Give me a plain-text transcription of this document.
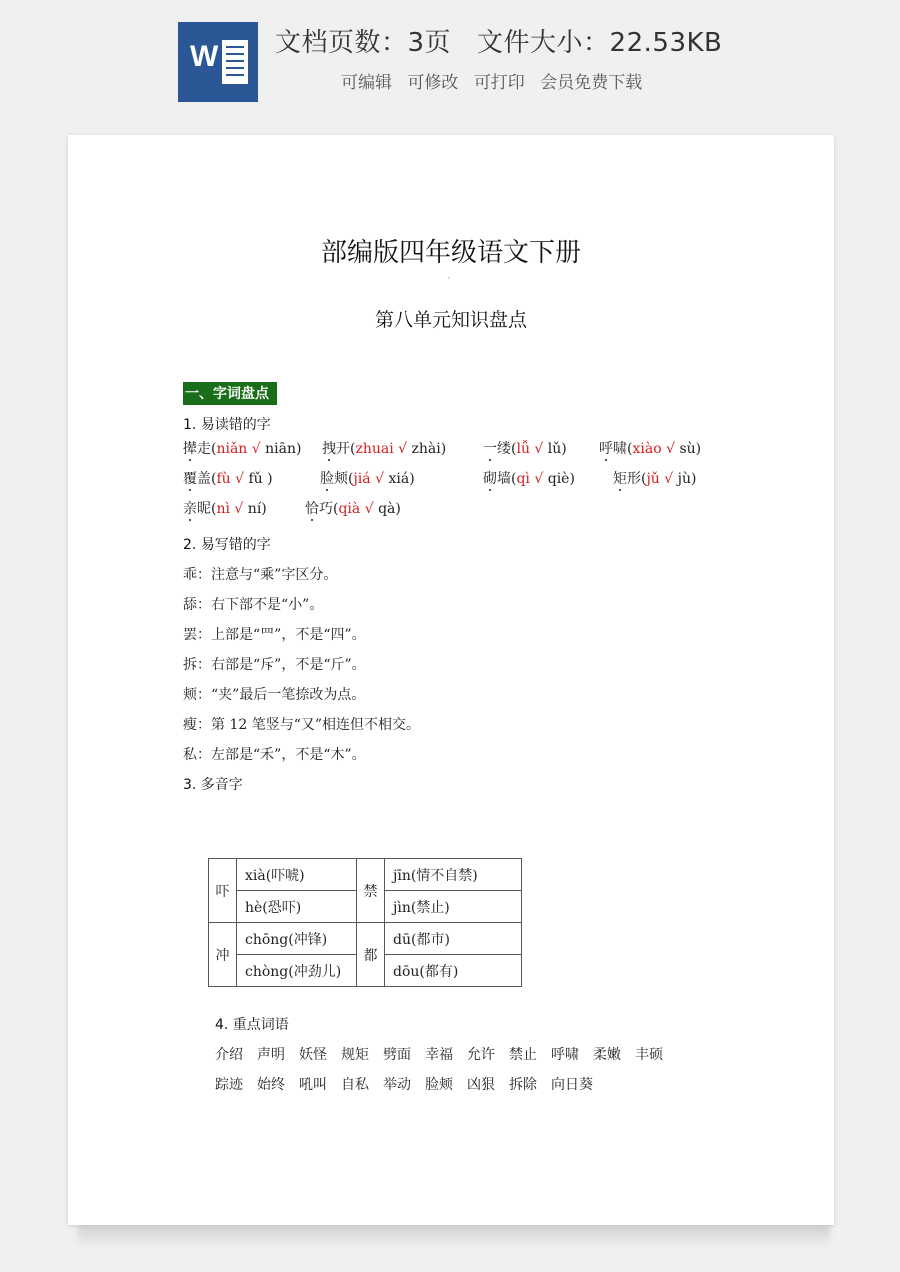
W 文档页数：3页 文件大小：22.53KB
可编辑 可修改 可打印 会员免费下载
部编版四年级语文下册
′
第八单元知识盘点
一、字词盘点
1. 易读错的字
撵走(niǎn √ niān) 拽开(zhuai √ zhài)	一缕(lǚ √ lǔ) 呼啸(xiào √ sù)
覆盖(fù √ fǔ )	脸颊(jiá √ xiá)	砌墙(qì √ qiè)	矩形(jǔ √ jù)
亲昵(nì √ ní)	恰巧(qià √ qà)
2. 易写错的字
乖：注意与“乘”字区分。
舔：右下部不是“小”。
罢：上部是“罒”，不是“四”。
拆：右部是“斥”，不是“斤”。
颊：“夹”最后一笔捺改为点。
瘦：第 12 笔竖与“又”相连但不相交。
私：左部是“禾”，不是“木”。
3. 多音字
吓	xià(吓唬)	禁	jīn(情不自禁)
	hè(恐吓)		jìn(禁止)
冲	chōng(冲锋)	都	dū(都市)
	chòng(冲劲儿)		dōu(都有)
4. 重点词语
介绍 声明 妖怪 规矩 劈面 幸福 允许 禁止 呼啸 柔嫩 丰硕
踪迹 始终 吼叫 自私 举动 脸颊 凶狠 拆除 向日葵
